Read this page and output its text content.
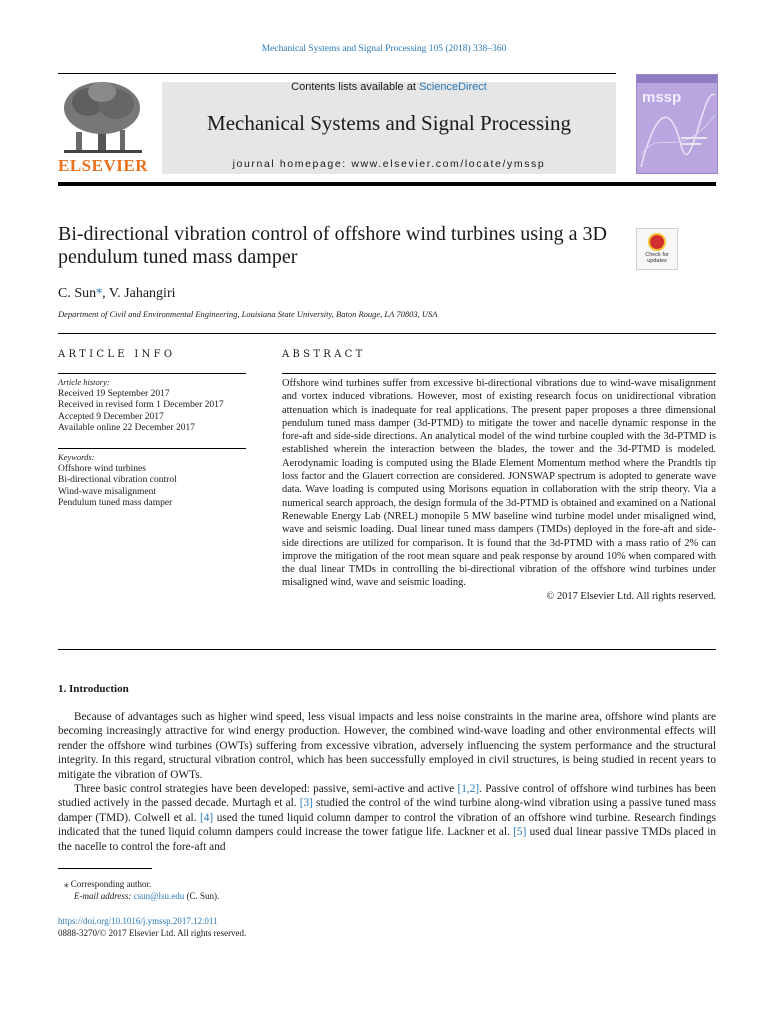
Mechanical Systems and Signal Processing 105 (2018) 338–360
ELSEVIER
Contents lists available at ScienceDirect
Mechanical Systems and Signal Processing
journal homepage: www.elsevier.com/locate/ymssp
mssp
Bi-directional vibration control of offshore wind turbines using a 3D pendulum tuned mass damper	Check for updates
C. Sun⁎, V. Jahangiri
Department of Civil and Environmental Engineering, Louisiana State University, Baton Rouge, LA 70803, USA
ARTICLE INFO
Article history:
Received 19 September 2017
Received in revised form 1 December 2017
Accepted 9 December 2017
Available online 22 December 2017
Keywords:
Offshore wind turbines
Bi-directional vibration control
Wind-wave misalignment
Pendulum tuned mass damper
ABSTRACT
Offshore wind turbines suffer from excessive bi-directional vibrations due to wind-wave misalignment and vortex induced vibrations. However, most of existing research focus on unidirectional vibration attenuation which is inadequate for real applications. The present paper proposes a three dimensional pendulum tuned mass damper (3d-PTMD) to mitigate the tower and nacelle dynamic response in the fore-aft and side-side directions. An analytical model of the wind turbine coupled with the 3d-PTMD is established wherein the interaction between the blades, the tower and the 3d-PTMD is modeled. Aerodynamic loading is computed using the Blade Element Momentum method where the Prandtls tip loss factor and the Glauert correction are considered. JONSWAP spectrum is adopted to generate wave data. Wave loading is computed using Morisons equation in collaboration with the strip theory. Via a numerical search approach, the design formula of the 3d-PTMD is obtained and examined on a National Renewable Energy Lab (NREL) monopile 5 MW baseline wind turbine model under misaligned wind, wave and seismic loading. Dual linear tuned mass dampers (TMDs) deployed in the fore-aft and side-side directions are utilized for comparison. It is found that the 3d-PTMD with a mass ratio of 2% can improve the mitigation of the root mean square and peak response by around 10% when compared with the dual linear TMDs in controlling the bi-directional vibration of the offshore wind turbines under misaligned wind, wave and seismic loading.
© 2017 Elsevier Ltd. All rights reserved.
1. Introduction
Because of advantages such as higher wind speed, less visual impacts and less noise constraints in the marine area, offshore wind plants are becoming increasingly attractive for wind energy production. However, the combined wind-wave loading and other environmental effects will render the offshore wind turbines (OWTs) suffering from excessive vibration, adversely influencing the system performance and the structural integrity. In this regard, structural vibration control, which has been successfully employed in civil structures, is being studied in recent years to mitigate the vibration of OWTs.
Three basic control strategies have been developed: passive, semi-active and active [1,2]. Passive control of offshore wind turbines has been studied actively in the passed decade. Murtagh et al. [3] studied the control of the wind turbine along-wind vibration using a passive tuned mass damper (TMD). Colwell et al. [4] used the tuned liquid column damper to control the vibration of an offshore wind turbine. Research findings indicated that the tuned liquid column dampers could increase the tower fatigue life. Lackner et al. [5] used dual linear passive TMDs placed in the nacelle to control the fore-aft and
⁎ Corresponding author.
E-mail address: csun@lsu.edu (C. Sun).
https://doi.org/10.1016/j.ymssp.2017.12.011
0888-3270/© 2017 Elsevier Ltd. All rights reserved.
